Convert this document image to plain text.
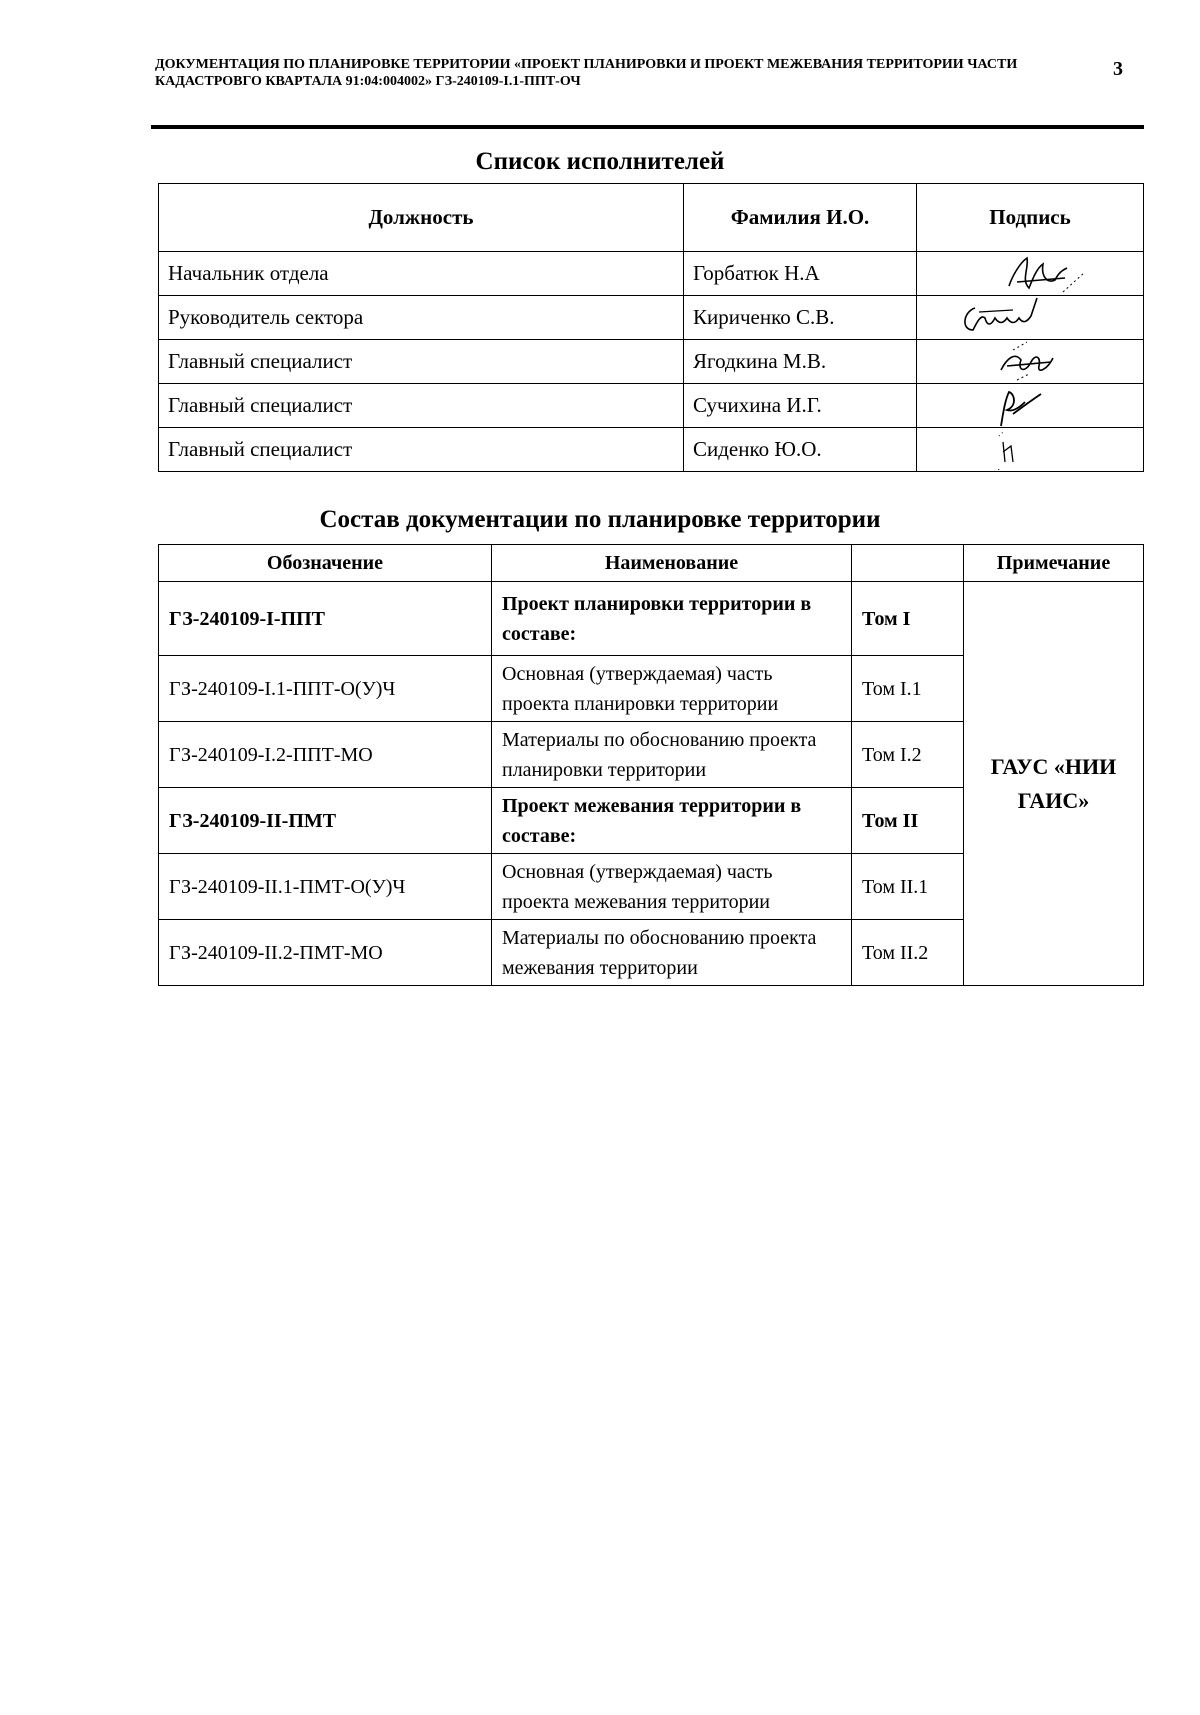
ДОКУМЕНТАЦИЯ ПО ПЛАНИРОВКЕ ТЕРРИТОРИИ «ПРОЕКТ ПЛАНИРОВКИ И ПРОЕКТ МЕЖЕВАНИЯ ТЕРРИТОРИИ ЧАСТИ КАДАСТРОВГО КВАРТАЛА 91:04:004002» ГЗ-240109-I.1-ППТ-ОЧ
3
Список исполнителей
Должность	Фамилия И.О.	Подпись
Начальник отдела	Горбатюк Н.А	

Руководитель сектора	Кириченко С.В.	

Главный специалист	Ягодкина М.В.	

Главный специалист	Сучихина И.Г.	

Главный специалист	Сиденко Ю.О.	
Состав документации по планировке территории
Обозначение	Наименование		Примечание
ГЗ-240109-I-ППТ	Проект планировки территории в составе:	Том I	ГАУС «НИИ ГАИС»
ГЗ-240109-I.1-ППТ-О(У)Ч	Основная (утверждаемая) часть проекта планировки территории	Том I.1	
ГЗ-240109-I.2-ППТ-МО	Материалы по обоснованию проекта планировки территории	Том I.2	
ГЗ-240109-II-ПМТ	Проект межевания территории в составе:	Том II	
ГЗ-240109-II.1-ПМТ-О(У)Ч	Основная (утверждаемая) часть проекта межевания территории	Том II.1	
ГЗ-240109-II.2-ПМТ-МО	Материалы по обоснованию проекта межевания территории	Том II.2	
